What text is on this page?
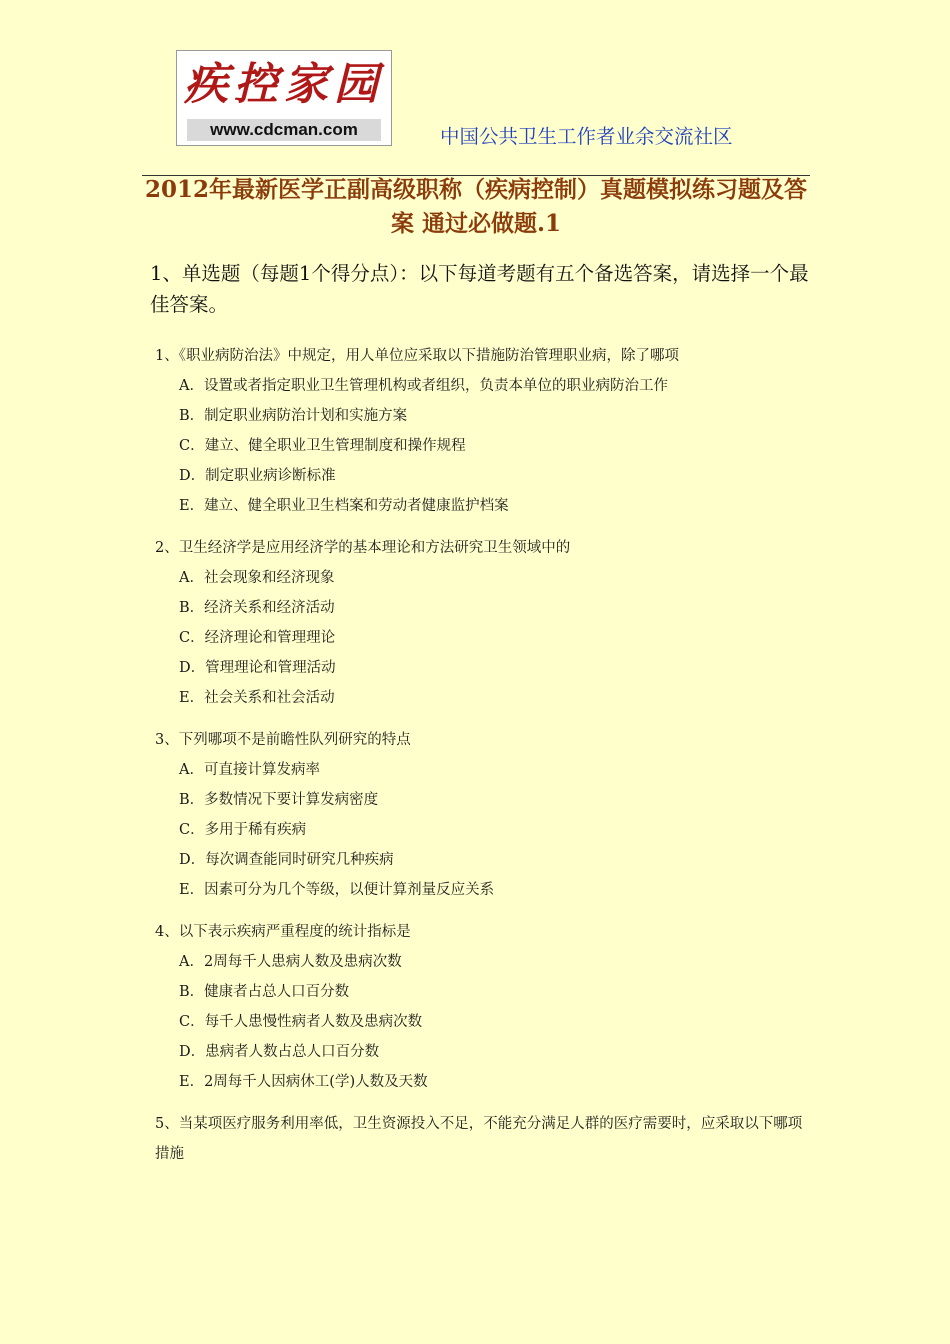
疾控家园
www.cdcman.com	中国公共卫生工作者业余交流社区
2012年最新医学正副高级职称（疾病控制）真题模拟练习题及答案 通过必做题.1
1、单选题（每题1个得分点）：以下每道考题有五个备选答案，请选择一个最佳答案。
1、《职业病防治法》中规定，用人单位应采取以下措施防治管理职业病，除了哪项
A．设置或者指定职业卫生管理机构或者组织，负责本单位的职业病防治工作
B．制定职业病防治计划和实施方案
C．建立、健全职业卫生管理制度和操作规程
D．制定职业病诊断标准
E．建立、健全职业卫生档案和劳动者健康监护档案
2、卫生经济学是应用经济学的基本理论和方法研究卫生领域中的
A．社会现象和经济现象
B．经济关系和经济活动
C．经济理论和管理理论
D．管理理论和管理活动
E．社会关系和社会活动
3、下列哪项不是前瞻性队列研究的特点
A．可直接计算发病率
B．多数情况下要计算发病密度
C．多用于稀有疾病
D．每次调查能同时研究几种疾病
E．因素可分为几个等级，以便计算剂量反应关系
4、以下表示疾病严重程度的统计指标是
A．2周每千人患病人数及患病次数
B．健康者占总人口百分数
C．每千人患慢性病者人数及患病次数
D．患病者人数占总人口百分数
E．2周每千人因病休工(学)人数及天数
5、当某项医疗服务利用率低，卫生资源投入不足，不能充分满足人群的医疗需要时，应采取以下哪项措施
